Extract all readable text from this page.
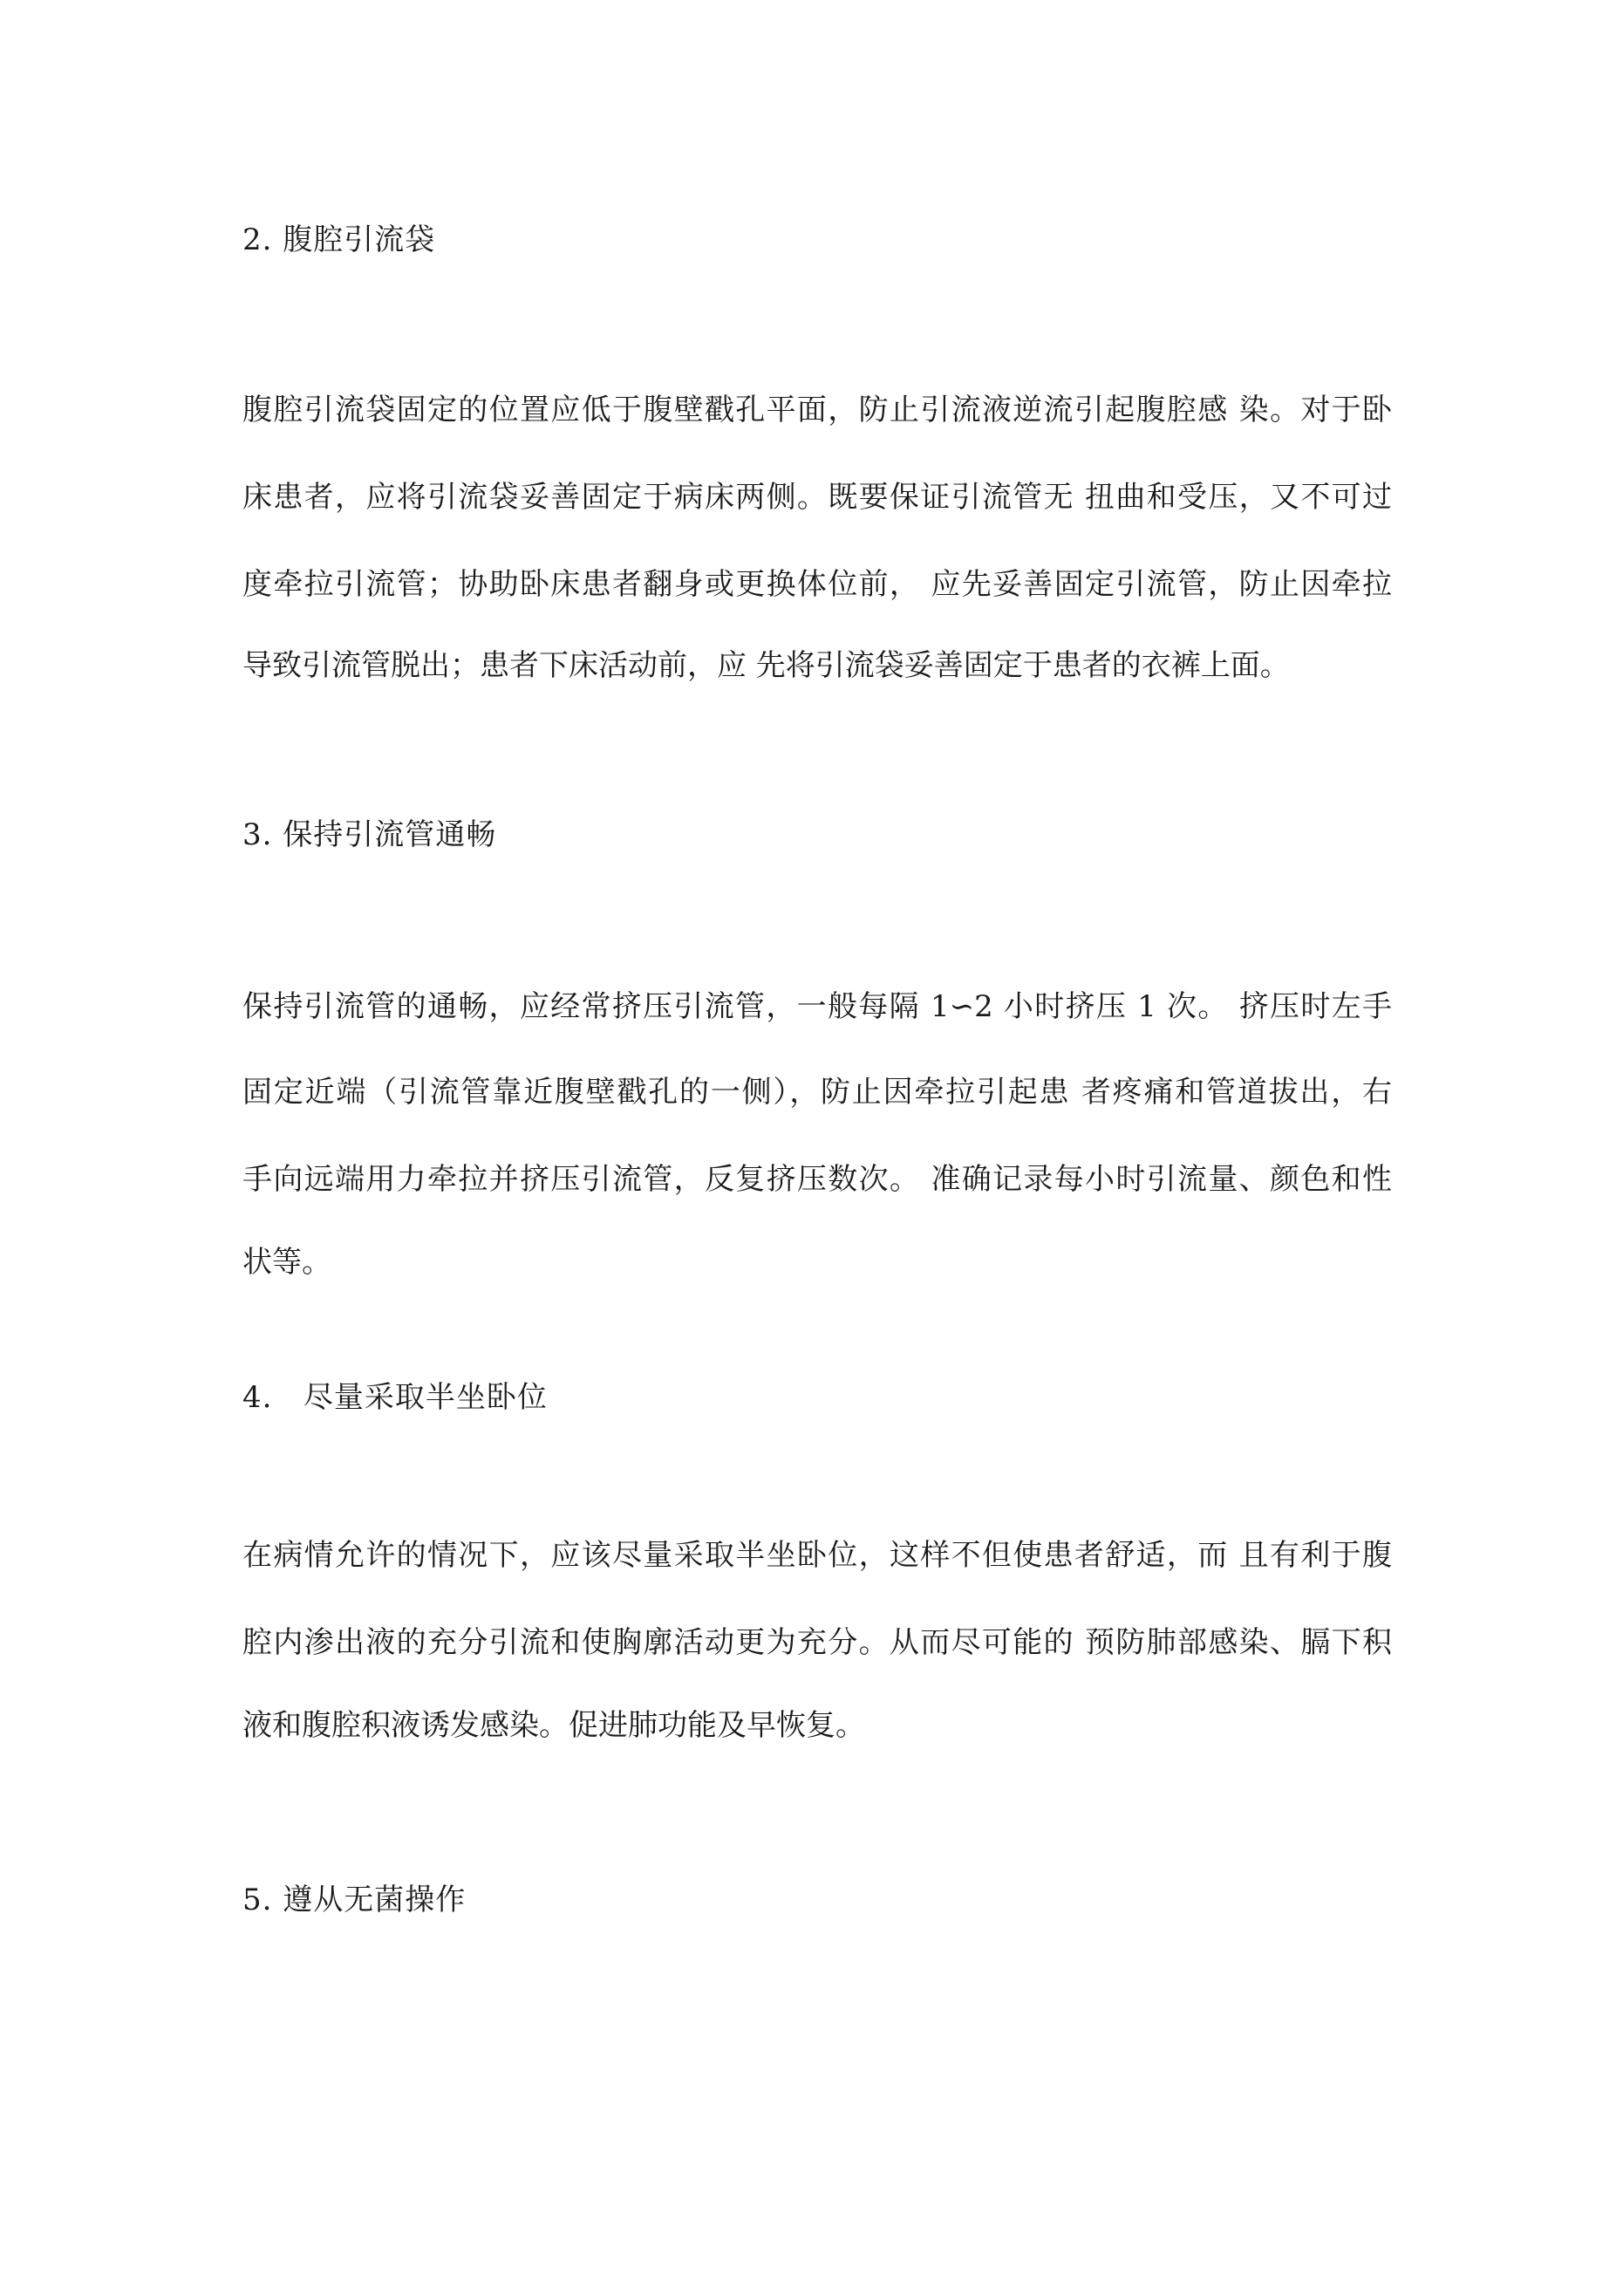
2. 腹腔引流袋
腹腔引流袋固定的位置应低于腹壁戳孔平面，防止引流液逆流引起腹腔感 染。对于卧
床患者，应将引流袋妥善固定于病床两侧。既要保证引流管无 扭曲和受压，又不可过
度牵拉引流管；协助卧床患者翻身或更换体位前， 应先妥善固定引流管，防止因牵拉
导致引流管脱出；患者下床活动前，应 先将引流袋妥善固定于患者的衣裤上面。
3. 保持引流管通畅
保持引流管的通畅，应经常挤压引流管，一般每隔 1∽2 小时挤压 1 次。 挤压时左手
固定近端（引流管靠近腹壁戳孔的一侧），防止因牵拉引起患 者疼痛和管道拔出，右
手向远端用力牵拉并挤压引流管，反复挤压数次。 准确记录每小时引流量、颜色和性
状等。
4.   尽量采取半坐卧位
在病情允许的情况下，应该尽量采取半坐卧位，这样不但使患者舒适，而 且有利于腹
腔内渗出液的充分引流和使胸廓活动更为充分。从而尽可能的 预防肺部感染、膈下积
液和腹腔积液诱发感染。促进肺功能及早恢复。
5. 遵从无菌操作
